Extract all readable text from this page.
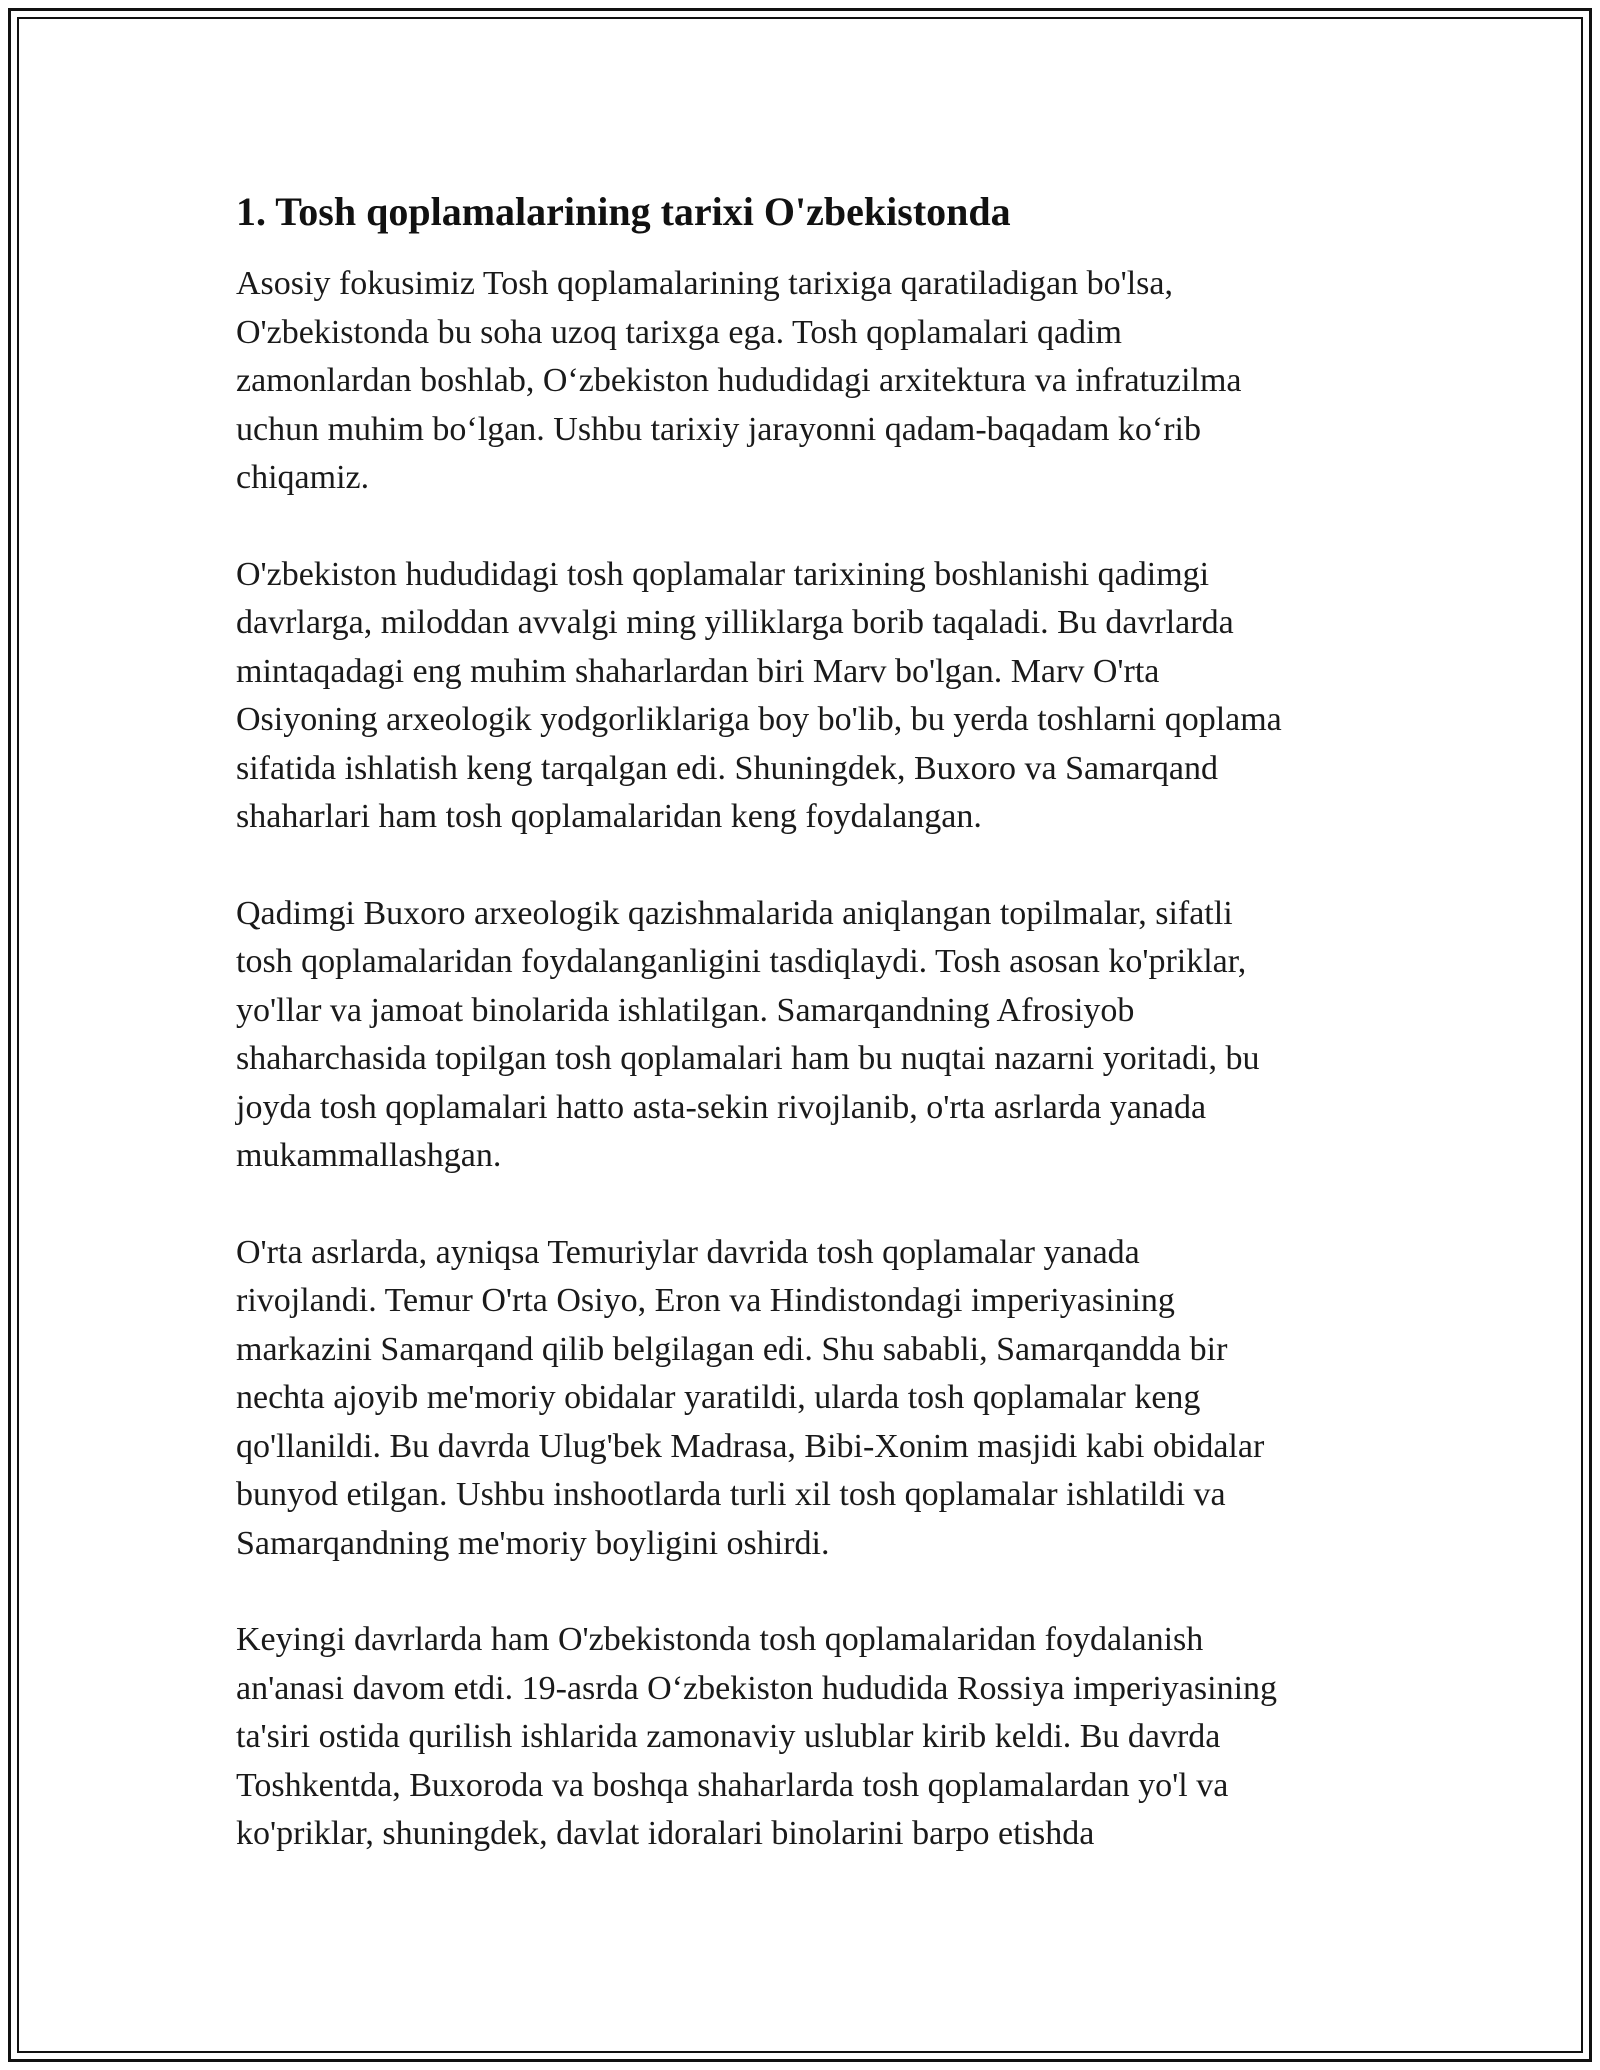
1. Tosh qoplamalarining tarixi O'zbekistonda

Asosiy fokusimiz Tosh qoplamalarining tarixiga qaratiladigan bo'lsa,
O'zbekistonda bu soha uzoq tarixga ega. Tosh qoplamalari qadim
zamonlardan boshlab, O‘zbekiston hududidagi arxitektura va infratuzilma
uchun muhim bo‘lgan. Ushbu tarixiy jarayonni qadam-baqadam ko‘rib
chiqamiz.

O'zbekiston hududidagi tosh qoplamalar tarixining boshlanishi qadimgi
davrlarga, miloddan avvalgi ming yilliklarga borib taqaladi. Bu davrlarda
mintaqadagi eng muhim shaharlardan biri Marv bo'lgan. Marv O'rta
Osiyoning arxeologik yodgorliklariga boy bo'lib, bu yerda toshlarni qoplama
sifatida ishlatish keng tarqalgan edi. Shuningdek, Buxoro va Samarqand
shaharlari ham tosh qoplamalaridan keng foydalangan.

Qadimgi Buxoro arxeologik qazishmalarida aniqlangan topilmalar, sifatli
tosh qoplamalaridan foydalanganligini tasdiqlaydi. Tosh asosan ko'priklar,
yo'llar va jamoat binolarida ishlatilgan. Samarqandning Afrosiyob
shaharchasida topilgan tosh qoplamalari ham bu nuqtai nazarni yoritadi, bu
joyda tosh qoplamalari hatto asta-sekin rivojlanib, o'rta asrlarda yanada
mukammallashgan.

O'rta asrlarda, ayniqsa Temuriylar davrida tosh qoplamalar yanada
rivojlandi. Temur O'rta Osiyo, Eron va Hindistondagi imperiyasining
markazini Samarqand qilib belgilagan edi. Shu sababli, Samarqandda bir
nechta ajoyib me'moriy obidalar yaratildi, ularda tosh qoplamalar keng
qo'llanildi. Bu davrda Ulug'bek Madrasa, Bibi-Xonim masjidi kabi obidalar
bunyod etilgan. Ushbu inshootlarda turli xil tosh qoplamalar ishlatildi va
Samarqandning me'moriy boyligini oshirdi.

Keyingi davrlarda ham O'zbekistonda tosh qoplamalaridan foydalanish
an'anasi davom etdi. 19-asrda O‘zbekiston hududida Rossiya imperiyasining
ta'siri ostida qurilish ishlarida zamonaviy uslublar kirib keldi. Bu davrda
Toshkentda, Buxoroda va boshqa shaharlarda tosh qoplamalardan yo'l va
ko'priklar, shuningdek, davlat idoralari binolarini barpo etishda
